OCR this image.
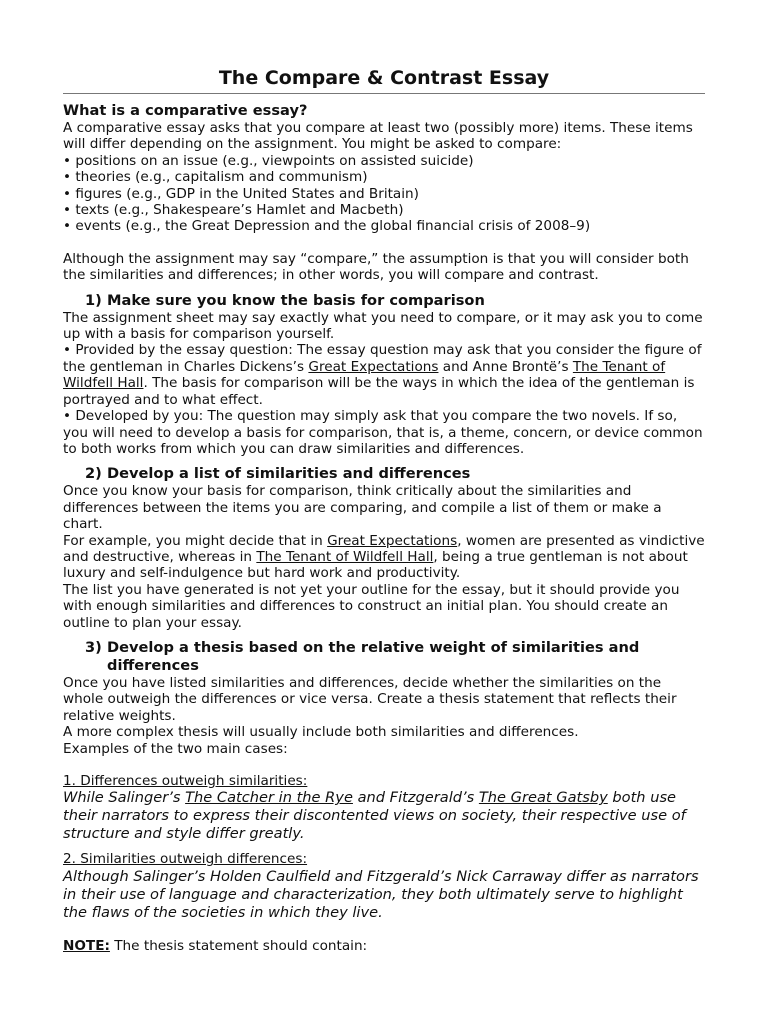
The Compare & Contrast Essay
What is a comparative essay?

A comparative essay asks that you compare at least two (possibly more) items. These items will differ depending on the assignment. You might be asked to compare:

• positions on an issue (e.g., viewpoints on assisted suicide)

• theories (e.g., capitalism and communism)

• figures (e.g., GDP in the United States and Britain)

• texts (e.g., Shakespeare’s Hamlet and Macbeth)

• events (e.g., the Great Depression and the global financial crisis of 2008–9)

Although the assignment may say “compare,” the assumption is that you will consider both the similarities and differences; in other words, you will compare and contrast.

1) Make sure you know the basis for comparison

The assignment sheet may say exactly what you need to compare, or it may ask you to come up with a basis for comparison yourself.

• Provided by the essay question: The essay question may ask that you consider the figure of the gentleman in Charles Dickens’s Great Expectations and Anne Brontë’s The Tenant of Wildfell Hall. The basis for comparison will be the ways in which the idea of the gentleman is portrayed and to what effect.

• Developed by you: The question may simply ask that you compare the two novels. If so, you will need to develop a basis for comparison, that is, a theme, concern, or device common to both works from which you can draw similarities and differences.

2) Develop a list of similarities and differences

Once you know your basis for comparison, think critically about the similarities and differences between the items you are comparing, and compile a list of them or make a chart.

For example, you might decide that in Great Expectations, women are presented as vindictive and destructive, whereas in The Tenant of Wildfell Hall, being a true gentleman is not about luxury and self-indulgence but hard work and productivity.

The list you have generated is not yet your outline for the essay, but it should provide you with enough similarities and differences to construct an initial plan. You should create an outline to plan your essay.

3) Develop a thesis based on the relative weight of similarities and
differences

Once you have listed similarities and differences, decide whether the similarities on the whole outweigh the differences or vice versa. Create a thesis statement that reflects their relative weights.

A more complex thesis will usually include both similarities and differences.

Examples of the two main cases:

1. Differences outweigh similarities:

While Salinger’s The Catcher in the Rye and Fitzgerald’s The Great Gatsby both use their narrators to express their discontented views on society, their respective use of structure and style differ greatly.

2. Similarities outweigh differences:

Although Salinger’s Holden Caulfield and Fitzgerald’s Nick Carraway differ as narrators in their use of language and characterization, they both ultimately serve to highlight the flaws of the societies in which they live.

NOTE: The thesis statement should contain:
